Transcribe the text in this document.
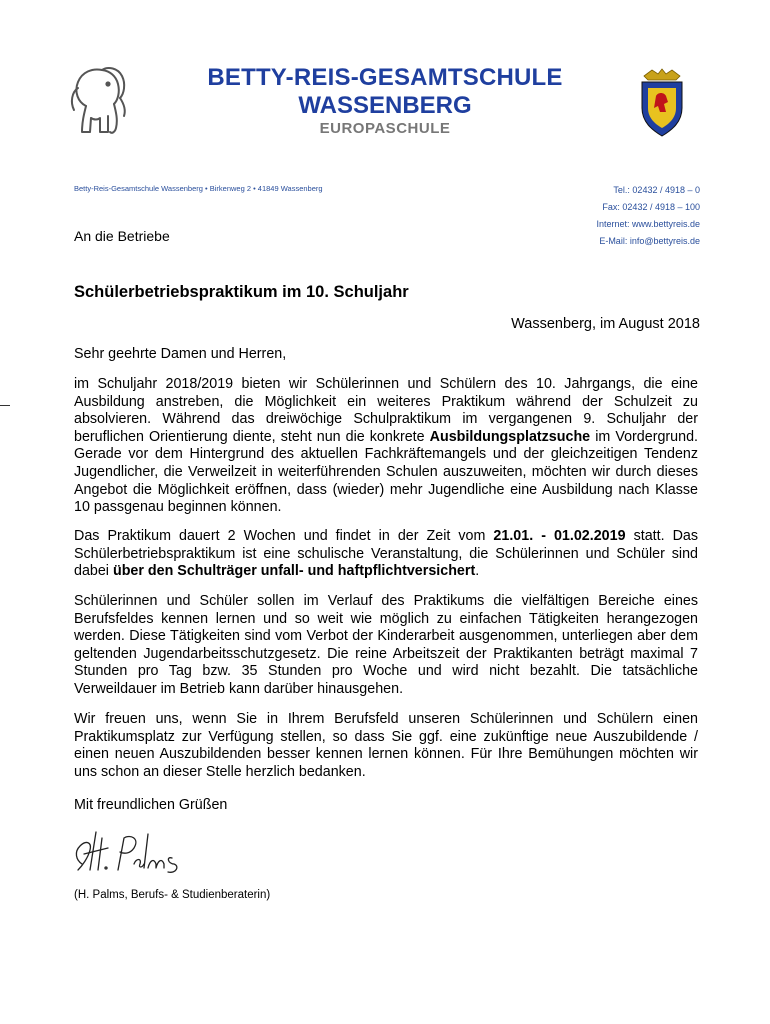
BETTY-REIS-GESAMTSCHULE
WASSENBERG
EUROPASCHULE
Betty-Reis-Gesamtschule Wassenberg • Birkenweg 2 • 41849 Wassenberg	Tel.: 02432 / 4918 – 0
Fax: 02432 / 4918 – 100
Internet: www.bettyreis.de
E-Mail: info@bettyreis.de
An die Betriebe
Schülerbetriebspraktikum im 10. Schuljahr
Wassenberg, im August 2018
Sehr geehrte Damen und Herren,
im Schuljahr 2018/2019 bieten wir Schülerinnen und Schülern des 10. Jahrgangs, die eine Ausbildung anstreben, die Möglichkeit ein weiteres Praktikum während der Schulzeit zu absolvieren. Während das dreiwöchige Schulpraktikum im vergangenen 9. Schuljahr der beruflichen Orientierung diente, steht nun die konkrete Ausbildungsplatzsuche im Vordergrund. Gerade vor dem Hintergrund des aktuellen Fachkräftemangels und der gleichzeitigen Tendenz Jugendlicher, die Verweilzeit in weiterführenden Schulen auszuweiten, möchten wir durch dieses Angebot die Möglichkeit eröffnen, dass (wieder) mehr Jugendliche eine Ausbildung nach Klasse 10 passgenau beginnen können.
Das Praktikum dauert 2 Wochen und findet in der Zeit vom 21.01. - 01.02.2019 statt. Das Schülerbetriebspraktikum ist eine schulische Veranstaltung, die Schülerinnen und Schüler sind dabei über den Schulträger unfall- und haftpflichtversichert.
Schülerinnen und Schüler sollen im Verlauf des Praktikums die vielfältigen Bereiche eines Berufsfeldes kennen lernen und so weit wie möglich zu einfachen Tätigkeiten herangezogen werden. Diese Tätigkeiten sind vom Verbot der Kinderarbeit ausgenommen, unterliegen aber dem geltenden Jugendarbeitsschutzgesetz. Die reine Arbeitszeit der Praktikanten beträgt maximal 7 Stunden pro Tag bzw. 35 Stunden pro Woche und wird nicht bezahlt. Die tatsächliche Verweildauer im Betrieb kann darüber hinausgehen.
Wir freuen uns, wenn Sie in Ihrem Berufsfeld unseren Schülerinnen und Schülern einen Praktikumsplatz zur Verfügung stellen, so dass Sie ggf. eine zukünftige neue Auszubildende / einen neuen Auszubildenden besser kennen lernen können. Für Ihre Bemühungen möchten wir uns schon an dieser Stelle herzlich bedanken.
Mit freundlichen Grüßen
(H. Palms, Berufs- & Studienberaterin)
